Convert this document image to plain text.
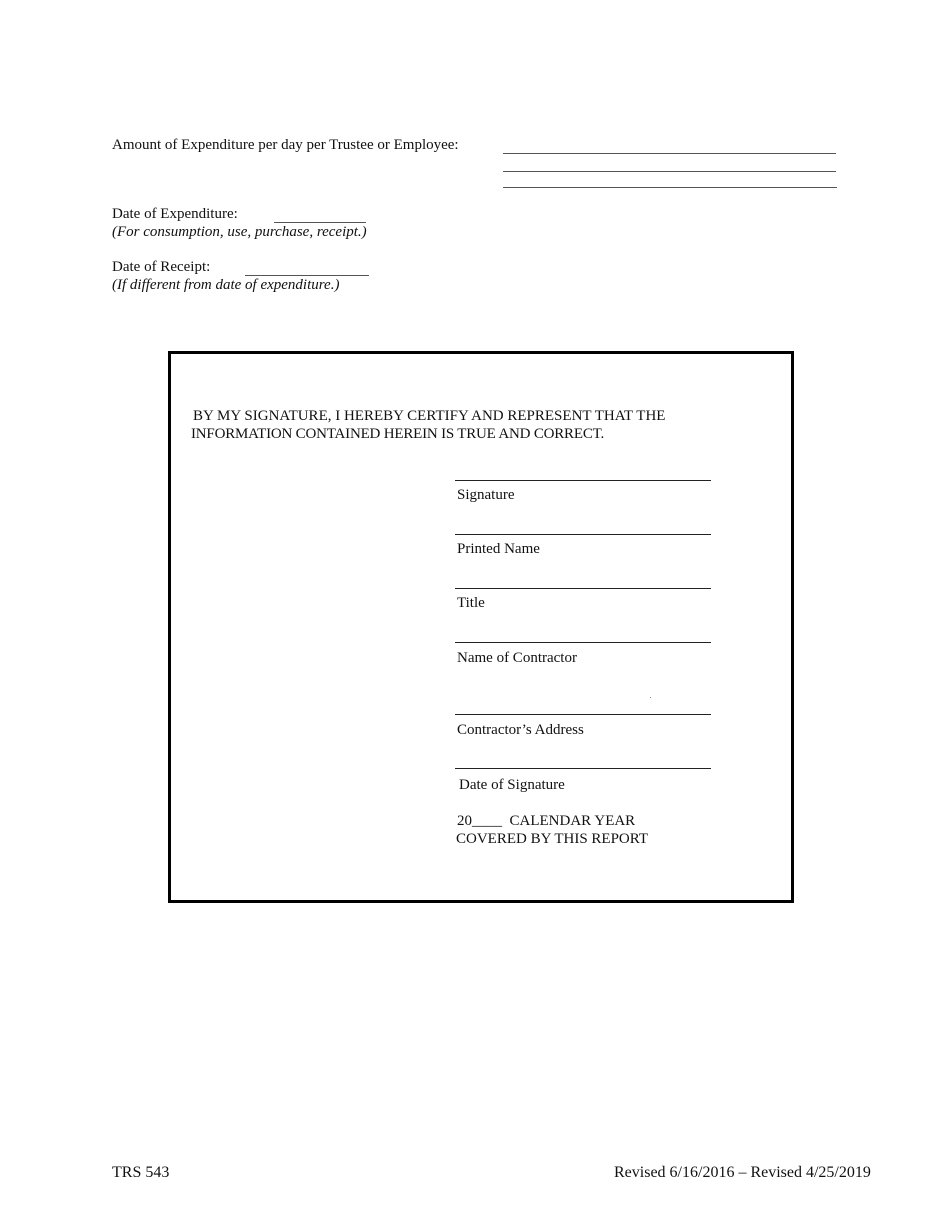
Amount of Expenditure per day per Trustee or Employee:
Date of Expenditure:
(For consumption, use, purchase, receipt.)
Date of Receipt:
(If different from date of expenditure.)
BY MY SIGNATURE, I HEREBY CERTIFY AND REPRESENT THAT THE
INFORMATION CONTAINED HEREIN IS TRUE AND CORRECT.
Signature
Printed Name
Title
Name of Contractor
Contractor’s Address
Date of Signature
20____  CALENDAR YEAR
COVERED BY THIS REPORT
TRS 543	Revised 6/16/2016 – Revised 4/25/2019
